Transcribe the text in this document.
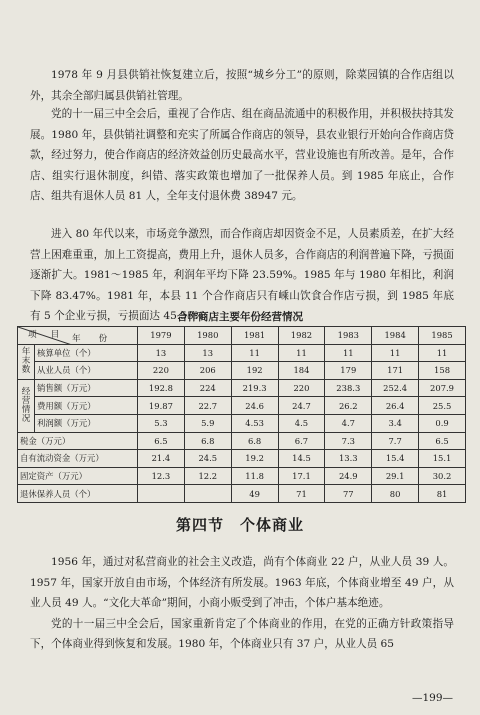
1978 年 9 月县供销社恢复建立后，按照“城乡分工”的原则，除菜园镇的合作店组以外，其余全部归属县供销社管理。

党的十一届三中全会后，重视了合作店、组在商品流通中的积极作用，并积极扶持其发展。1980 年，县供销社调整和充实了所属合作商店的领导，县农业银行开始向合作商店贷款，经过努力，使合作商店的经济效益创历史最高水平，营业设施也有所改善。是年，合作店、组实行退休制度，纠错、落实政策也增加了一批保养人员。到 1985 年底止，合作店、组共有退休人员 81 人，全年支付退休费 38947 元。

进入 80 年代以来，市场竞争激烈，而合作商店却因资金不足，人员素质差，在扩大经营上困难重重，加上工资提高，费用上升，退休人员多，合作商店的利润普遍下降，亏损面逐渐扩大。1981～1985 年，利润年平均下降 23.59%。1985 年与 1980 年相比，利润下降 83.47%。1981 年，本县 11 个合作商店只有嵊山饮食合作店亏损，到 1985 年底有 5 个企业亏损，亏损面达 45.55%。

合作商店主要年份经营情况
年份
项目		1979	1980	1981	1982	1983	1984	1985
年末数	核算单位（个）	13	13	11	11	11	11	11
	从业人员（个）	220	206	192	184	179	171	158
经营情况	销售额（万元）	192.8	224	219.3	220	238.3	252.4	207.9
	费用额（万元）	19.87	22.7	24.6	24.7	26.2	26.4	25.5
	利润额（万元）	5.3	5.9	4.53	4.5	4.7	3.4	0.9
税金（万元）		6.5	6.8	6.8	6.7	7.3	7.7	6.5
自有流动资金（万元）		21.4	24.5	19.2	14.5	13.3	15.4	15.1
固定资产（万元）		12.3	12.2	11.8	17.1	24.9	29.1	30.2
退休保养人员（个）				49	71	77	80	81
第四节　个体商业

1956 年，通过对私营商业的社会主义改造，尚有个体商业 22 户，从业人员 39 人。1957 年，国家开放自由市场，个体经济有所发展。1963 年底，个体商业增至 49 户，从业人员 49 人。“文化大革命”期间，小商小贩受到了冲击，个体户基本绝迹。

党的十一届三中全会后，国家重新肯定了个体商业的作用，在党的正确方针政策指导下，个体商业得到恢复和发展。1980 年，个体商业只有 37 户，从业人员 65

—199—
